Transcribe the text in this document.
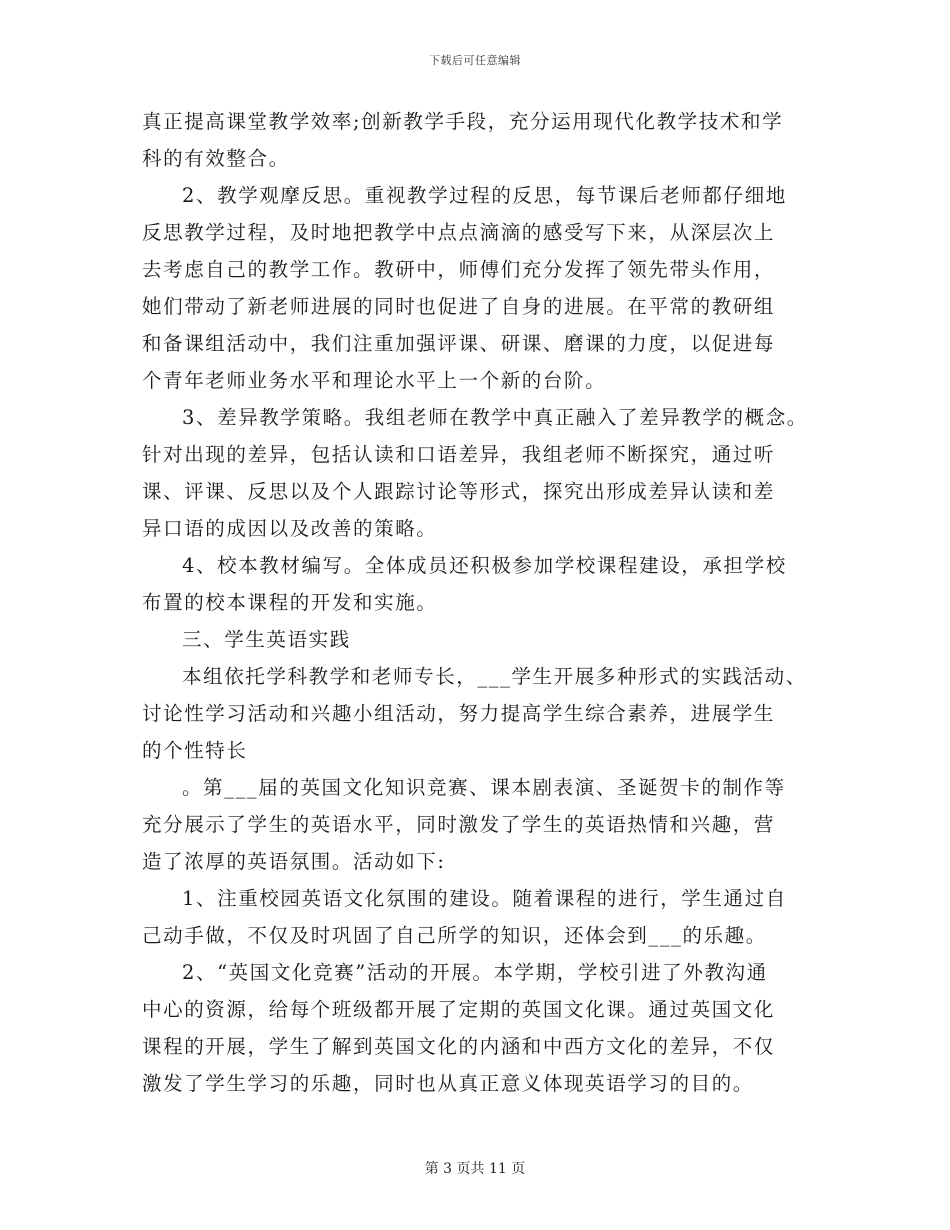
下载后可任意编辑
真正提高课堂教学效率;创新教学手段，充分运用现代化教学技术和学
科的有效整合。
2、教学观摩反思。重视教学过程的反思，每节课后老师都仔细地
反思教学过程，及时地把教学中点点滴滴的感受写下来，从深层次上
去考虑自己的教学工作。教研中，师傅们充分发挥了领先带头作用，
她们带动了新老师进展的同时也促进了自身的进展。在平常的教研组
和备课组活动中，我们注重加强评课、研课、磨课的力度，以促进每
个青年老师业务水平和理论水平上一个新的台阶。
3、差异教学策略。我组老师在教学中真正融入了差异教学的概念。
针对出现的差异，包括认读和口语差异，我组老师不断探究，通过听
课、评课、反思以及个人跟踪讨论等形式，探究出形成差异认读和差
异口语的成因以及改善的策略。
4、校本教材编写。全体成员还积极参加学校课程建设，承担学校
布置的校本课程的开发和实施。
三、学生英语实践
本组依托学科教学和老师专长，___学生开展多种形式的实践活动、
讨论性学习活动和兴趣小组活动，努力提高学生综合素养，进展学生
的个性特长
。第___届的英国文化知识竞赛、课本剧表演、圣诞贺卡的制作等
充分展示了学生的英语水平，同时激发了学生的英语热情和兴趣，营
造了浓厚的英语氛围。活动如下:
1、注重校园英语文化氛围的建设。随着课程的进行，学生通过自
己动手做，不仅及时巩固了自己所学的知识，还体会到___的乐趣。
2、“英国文化竞赛”活动的开展。本学期，学校引进了外教沟通
中心的资源，给每个班级都开展了定期的英国文化课。通过英国文化
课程的开展，学生了解到英国文化的内涵和中西方文化的差异，不仅
激发了学生学习的乐趣，同时也从真正意义体现英语学习的目的。
第 3 页共 11 页
